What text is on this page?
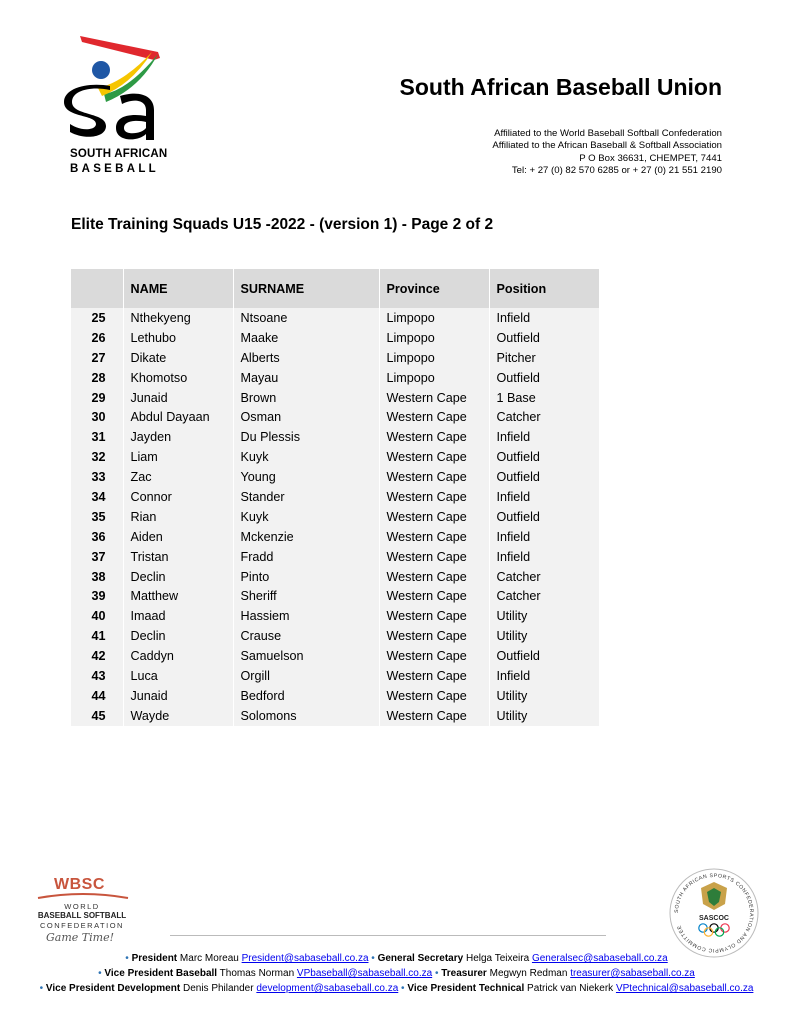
SOUTH AFRICAN
BASEBALL
South African Baseball Union
Affiliated to the World Baseball Softball Confederation
Affiliated to the African Baseball & Softball Association
P O Box 36631, CHEMPET, 7441
Tel: + 27 (0) 82 570 6285 or + 27 (0) 21 551 2190
Elite Training Squads U15 -2022 - (version 1) - Page 2 of 2
	NAME	SURNAME	Province	Position
25	Nthekyeng	Ntsoane	Limpopo	Infield
26	Lethubo	Maake	Limpopo	Outfield
27	Dikate	Alberts	Limpopo	Pitcher
28	Khomotso	Mayau	Limpopo	Outfield
29	Junaid	Brown	Western Cape	1 Base
30	Abdul Dayaan	Osman	Western Cape	Catcher
31	Jayden	Du Plessis	Western Cape	Infield
32	Liam	Kuyk	Western Cape	Outfield
33	Zac	Young	Western Cape	Outfield
34	Connor	Stander	Western Cape	Infield
35	Rian	Kuyk	Western Cape	Outfield
36	Aiden	Mckenzie	Western Cape	Infield
37	Tristan	Fradd	Western Cape	Infield
38	Declin	Pinto	Western Cape	Catcher
39	Matthew	Sheriff	Western Cape	Catcher
40	Imaad	Hassiem	Western Cape	Utility
41	Declin	Crause	Western Cape	Utility
42	Caddyn	Samuelson	Western Cape	Outfield
43	Luca	Orgill	Western Cape	Infield
44	Junaid	Bedford	Western Cape	Utility
45	Wayde	Solomons	Western Cape	Utility
WBSC
WORLD
BASEBALL SOFTBALL
CONFEDERATION
Game Time!
SOUTH AFRICAN SPORTS CONFEDERATION AND OLYMPIC COMMITTEE
SASCOC
• President Marc Moreau President@sabaseball.co.za • General Secretary Helga Teixeira Generalsec@sabaseball.co.za
• Vice President Baseball Thomas Norman VPbaseball@sabaseball.co.za • Treasurer Megwyn Redman treasurer@sabaseball.co.za
• Vice President Development Denis Philander development@sabaseball.co.za • Vice President Technical Patrick van Niekerk VPtechnical@sabaseball.co.za
